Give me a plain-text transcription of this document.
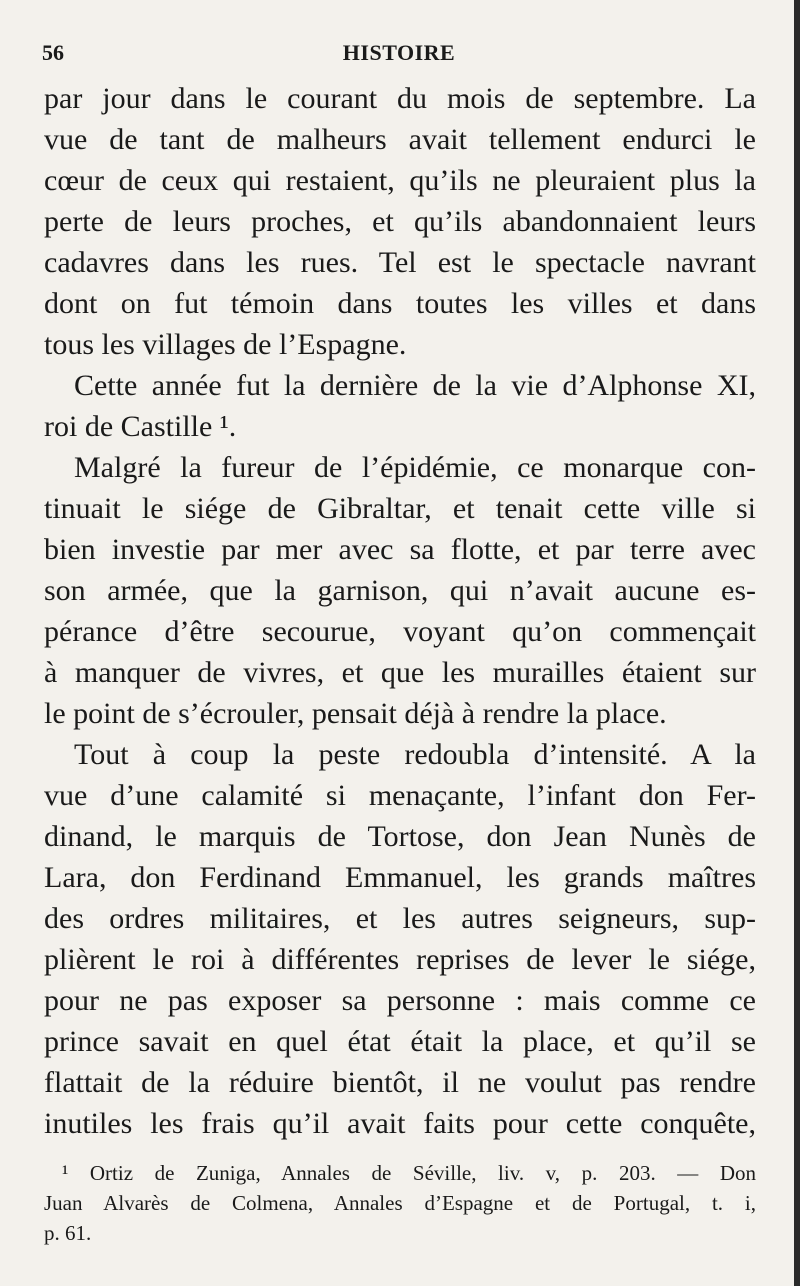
56	HISTOIRE
par jour dans le courant du mois de septembre. La
vue de tant de malheurs avait tellement endurci le
cœur de ceux qui restaient, qu’ils ne pleuraient plus la
perte de leurs proches, et qu’ils abandonnaient leurs
cadavres dans les rues. Tel est le spectacle navrant
dont on fut témoin dans toutes les villes et dans
tous les villages de l’Espagne.
Cette année fut la dernière de la vie d’Alphonse XI,
roi de Castille ¹.
Malgré la fureur de l’épidémie, ce monarque con-
tinuait le siége de Gibraltar, et tenait cette ville si
bien investie par mer avec sa flotte, et par terre avec
son armée, que la garnison, qui n’avait aucune es-
pérance d’être secourue, voyant qu’on commençait
à manquer de vivres, et que les murailles étaient sur
le point de s’écrouler, pensait déjà à rendre la place.
Tout à coup la peste redoubla d’intensité. A la
vue d’une calamité si menaçante, l’infant don Fer-
dinand, le marquis de Tortose, don Jean Nunès de
Lara, don Ferdinand Emmanuel, les grands maîtres
des ordres militaires, et les autres seigneurs, sup-
plièrent le roi à différentes reprises de lever le siége,
pour ne pas exposer sa personne : mais comme ce
prince savait en quel état était la place, et qu’il se
flattait de la réduire bientôt, il ne voulut pas rendre
inutiles les frais qu’il avait faits pour cette conquête,
¹ Ortiz de Zuniga, Annales de Séville, liv. v, p. 203. — Don
Juan Alvarès de Colmena, Annales d’Espagne et de Portugal, t. i,
p. 61.
